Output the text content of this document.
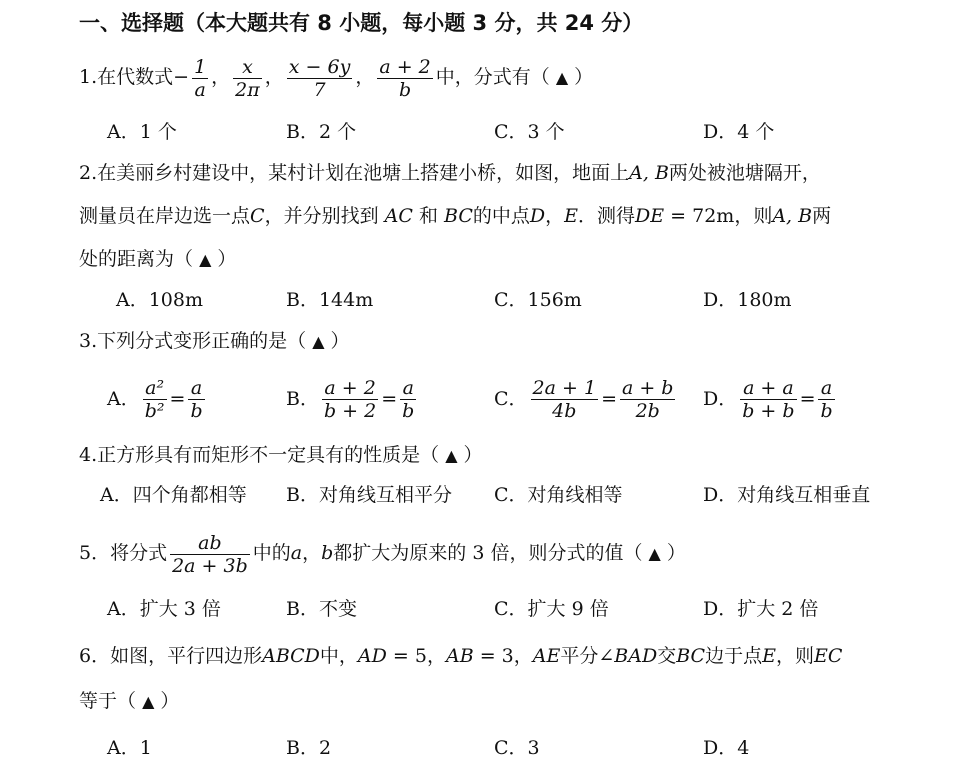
一、选择题（本大题共有 8 小题，每小题 3 分，共 24 分）
1.在代数式− $\frac{1}{a}$ ， $\frac{x}{2\pi}$ ， $\frac{x - 6y}{7}$ ， $\frac{a + 2}{b}$ 中，分式有（ ▲ ）
A．1 个	B．2 个	C．3 个	D．4 个
2.在美丽乡村建设中，某村计划在池塘上搭建小桥，如图，地面上A, B两处被池塘隔开，
测量员在岸边选一点C，并分别找到 AC 和 BC的中点D，E．测得DE = 72m，则A, B两
处的距离为（ ▲ ）
A．108m	B．144m	C．156m	D．180m
3.下列分式变形正确的是（ ▲ ）
A． $\frac{\text{a²}}{\text{b²}} = \frac{a}{b}$	B． $\frac{a + 2}{b + 2} = \frac{a}{b}$	C． $\frac{2a + 1}{4b} = \frac{a + b}{2b}$ D． $\frac{a + a}{b + b} = \frac{a}{b}$
4.正方形具有而矩形不一定具有的性质是（ ▲ ）
A．四个角都相等 B．对角线互相平分 C．对角线相等	D．对角线互相垂直
5．将分式 $\frac{ab}{2a + 3b}$ 中的a，b都扩大为原来的 3 倍，则分式的值（ ▲ ）
A．扩大 3 倍	B．不变	C．扩大 9 倍	D．扩大 2 倍
6．如图，平行四边形ABCD中，AD = 5，AB = 3，AE平分∠BAD交BC边于点E，则EC
等于（ ▲ ）
A．1	B．2	C．3	D．4
